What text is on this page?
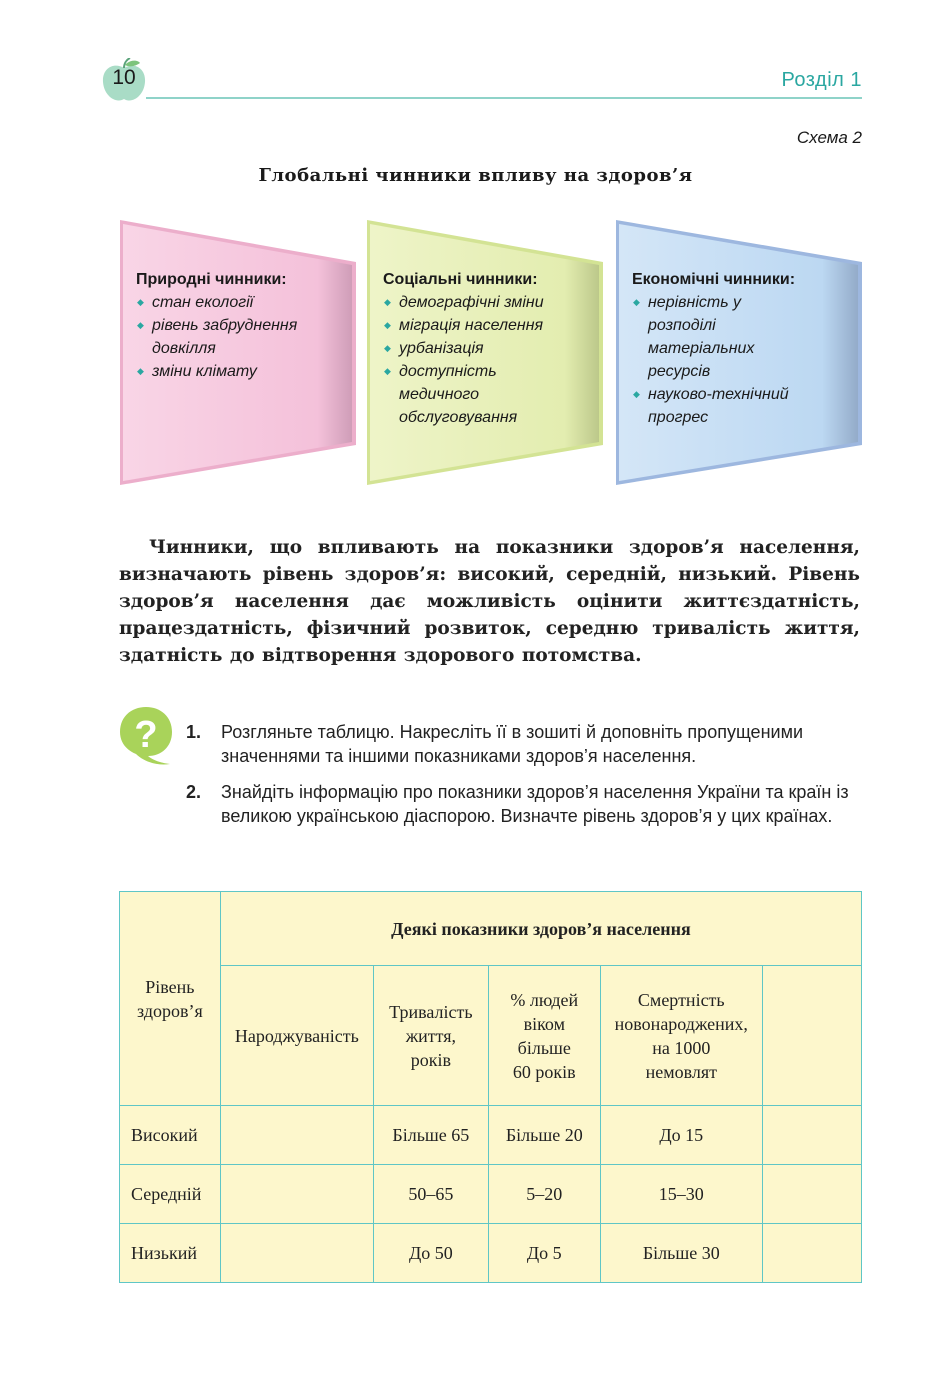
10	Розділ 1
Схема 2
Глобальні чинники впливу на здоров’я
Природні чинники:
◆ стан екології
◆ рівень забруднення довкілля
◆ зміни клімату
Соціальні чинники:
◆ демографічні зміни
◆ міграція населення
◆ урбанізація
◆ доступність медичного обслуговування
Економічні чинники:
◆ нерівність у розподілі матеріальних ресурсів
◆ науково-технічний прогрес

Чинники, що впливають на показники здоров’я населення, визначають рівень здоров’я: високий, середній, низький. Рівень здоров’я населення дає можливість оцінити життєздатність, працездатність, фізичний розвиток, середню тривалість життя, здатність до відтворення здорового потомства.

? 1. Розгляньте таблицю. Накресліть її в зошиті й доповніть пропущеними значеннями та іншими показниками здоров’я населення.
2. Знайдіть інформацію про показники здоров’я населення України та країн із великою українською діаспорою. Визначте рівень здоров’я у цих країнах.
Рівень здоров’я	Деякі показники здоров’я населення				
	Народжуваність	Тривалість життя, років	% людей віком більше 60 років	Смертність новонароджених, на 1000 немовлят	
Високий		Більше 65	Більше 20	До 15	
Середній		50–65	5–20	15–30	
Низький		До 50	До 5	Більше 30	
